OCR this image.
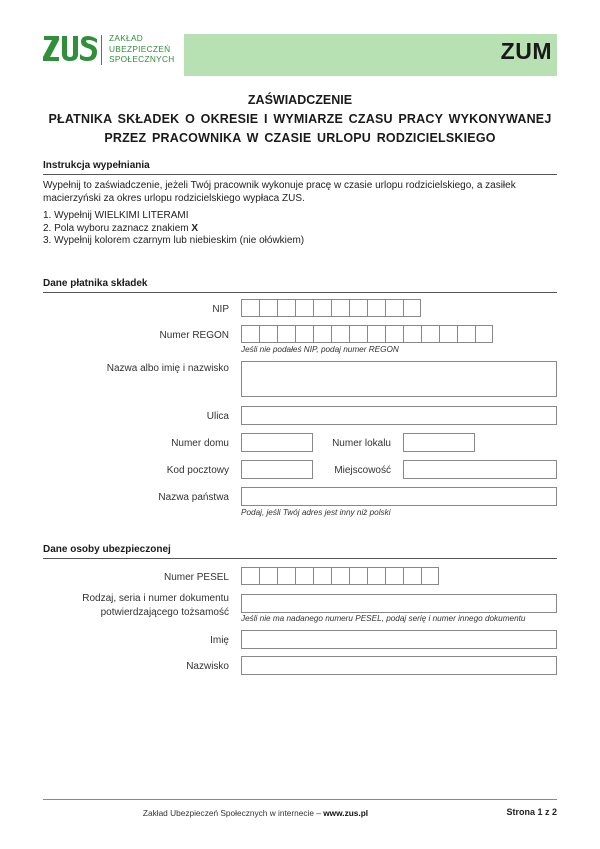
ZAKŁAD
UBEZPIECZEŃ
SPOŁECZNYCH	ZUM
ZAŚWIADCZENIE
PŁATNIKA SKŁADEK O OKRESIE I WYMIARZE CZASU PRACY WYKONYWANEJ
PRZEZ PRACOWNIKA W CZASIE URLOPU RODZICIELSKIEGO
Instrukcja wypełniania
Wypełnij to zaświadczenie, jeżeli Twój pracownik wykonuje pracę w czasie urlopu rodzicielskiego, a zasiłek macierzyński za okres urlopu rodzicielskiego wypłaca ZUS.
1. Wypełnij WIELKIMI LITERAMI
2. Pola wyboru zaznacz znakiem X
3. Wypełnij kolorem czarnym lub niebieskim (nie ołówkiem)
Dane płatnika składek
NIP
Numer REGON
Jeśli nie podałeś NIP, podaj numer REGON
Nazwa albo imię i nazwisko
Ulica
Numer domu	Numer lokalu
Kod pocztowy	Miejscowość
Nazwa państwa
Podaj, jeśli Twój adres jest inny niż polski
Dane osoby ubezpieczonej
Numer PESEL
Rodzaj, seria i numer dokumentu
potwierdzającego tożsamość
Jeśli nie ma nadanego numeru PESEL, podaj serię i numer innego dokumentu
Imię
Nazwisko
Zakład Ubezpieczeń Społecznych w internecie – www.zus.pl	Strona 1 z 2
